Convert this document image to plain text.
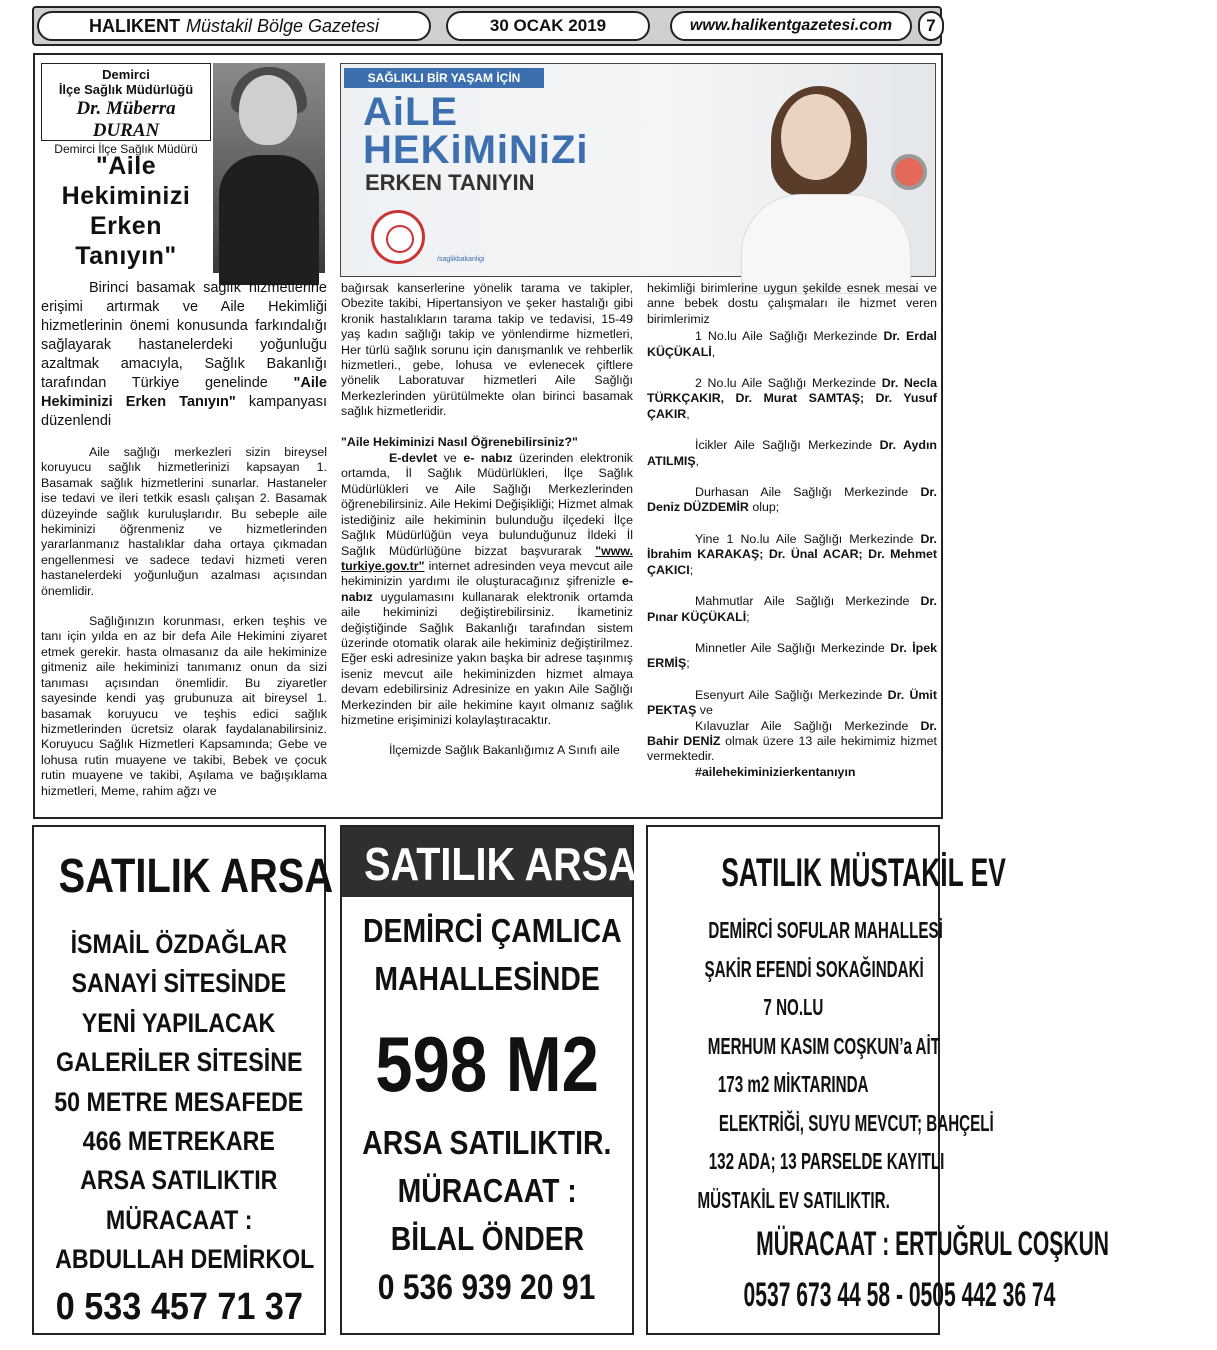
HALIKENT Müstakil Bölge Gazetesi	30 OCAK 2019	www.halikentgazetesi.com	7
Demirci
İlçe Sağlık Müdürlüğü
Dr. Müberra DURAN
Demirci İlçe Sağlık Müdürü
"Aile
Hekiminizi
Erken
Tanıyın"
SAĞLIKLI BİR YAŞAM İÇİN
AiLE
HEKiMiNiZi
ERKEN TANIYIN
/saglikbakanligi
Birinci basamak sağlık hizmetlerine erişimi artırmak ve Aile Hekimliği hizmetlerinin önemi konusunda farkındalığı sağlayarak hastanelerdeki yoğunluğu azaltmak amacıyla, Sağlık Bakanlığı tarafından Türkiye genelinde "Aile Hekiminizi Erken Tanıyın" kampanyası düzenlendi

Aile sağlığı merkezleri sizin bireysel koruyucu sağlık hizmetlerinizi kapsayan 1. Basamak sağlık hizmetlerini sunarlar. Hastaneler ise tedavi ve ileri tetkik esaslı çalışan 2. Basamak düzeyinde sağlık kuruluşlarıdır. Bu sebeple aile hekiminizi öğrenmeniz ve hizmetlerinden yararlanmanız hastalıklar daha ortaya çıkmadan engellenmesi ve sadece tedavi hizmeti veren hastanelerdeki yoğunluğun azalması açısından önemlidir.

Sağlığınızın korunması, erken teşhis ve tanı için yılda en az bir defa Aile Hekimini ziyaret etmek gerekir. hasta olmasanız da aile hekiminize gitmeniz aile hekiminizi tanımanız onun da sizi tanıması açısından önemlidir. Bu ziyaretler sayesinde kendi yaş grubunuza ait bireysel 1. basamak koruyucu ve teşhis edici sağlık hizmetlerinden ücretsiz olarak faydalanabilirsiniz. Koruyucu Sağlık Hizmetleri Kapsamında; Gebe ve lohusa rutin muayene ve takibi, Bebek ve çocuk rutin muayene ve takibi, Aşılama ve bağışıklama hizmetleri, Meme, rahim ağzı ve

bağırsak kanserlerine yönelik tarama ve takipler, Obezite takibi, Hipertansiyon ve şeker hastalığı gibi kronik hastalıkların tarama takip ve tedavisi, 15-49 yaş kadın sağlığı takip ve yönlendirme hizmetleri, Her türlü sağlık sorunu için danışmanlık ve rehberlik hizmetleri., gebe, lohusa ve evlenecek çiftlere yönelik Laboratuvar hizmetleri Aile Sağlığı Merkezlerinden yürütülmekte olan birinci basamak sağlık hizmetleridir.

"Aile Hekiminizi Nasıl Öğrenebilirsiniz?"

E-devlet ve e- nabız üzerinden elektronik ortamda, İl Sağlık Müdürlükleri, İlçe Sağlık Müdürlükleri ve Aile Sağlığı Merkezlerinden öğrenebilirsiniz. Aile Hekimi Değişikliği; Hizmet almak istediğiniz aile hekiminin bulunduğu ilçedeki İlçe Sağlık Müdürlüğün veya bulunduğunuz İldeki İl Sağlık Müdürlüğüne bizzat başvurarak "www. turkiye.gov.tr" internet adresinden veya mevcut aile hekiminizin yardımı ile oluşturacağınız şifrenizle e-nabız uygulamasını kullanarak elektronik ortamda aile hekiminizi değiştirebilirsiniz. İkametiniz değiştiğinde Sağlık Bakanlığı tarafından sistem üzerinde otomatik olarak aile hekiminiz değiştirilmez. Eğer eski adresinize yakın başka bir adrese taşınmış iseniz mevcut aile hekiminizden hizmet almaya devam edebilirsiniz Adresinize en yakın Aile Sağlığı Merkezinden bir aile hekimine kayıt olmanız sağlık hizmetine erişiminizi kolaylaştıracaktır.

İlçemizde Sağlık Bakanlığımız A Sınıfı aile

hekimliği birimlerine uygun şekilde esnek mesai ve anne bebek dostu çalışmaları ile hizmet veren birimlerimiz

1 No.lu Aile Sağlığı Merkezinde Dr. Erdal KÜÇÜKALİ,
2 No.lu Aile Sağlığı Merkezinde Dr. Necla TÜRKÇAKIR, Dr. Murat SAMTAŞ; Dr. Yusuf ÇAKIR,
İcikler Aile Sağlığı Merkezinde Dr. Aydın ATILMIŞ,
Durhasan Aile Sağlığı Merkezinde Dr. Deniz DÜZDEMİR olup;
Yine 1 No.lu Aile Sağlığı Merkezinde Dr. İbrahim KARAKAŞ; Dr. Ünal ACAR; Dr. Mehmet ÇAKICI;
Mahmutlar Aile Sağlığı Merkezinde Dr. Pınar KÜÇÜKALİ;
Minnetler Aile Sağlığı Merkezinde Dr. İpek ERMİŞ;
Esenyurt Aile Sağlığı Merkezinde Dr. Ümit PEKTAŞ ve
Kılavuzlar Aile Sağlığı Merkezinde Dr. Bahir DENİZ olmak üzere 13 aile hekimimiz hizmet vermektedir.
#ailehekiminizierkentanıyın
SATILIK ARSA
İSMAİL ÖZDAĞLAR
SANAYİ SİTESİNDE
YENİ YAPILACAK
GALERİLER SİTESİNE
50 METRE MESAFEDE
466 METREKARE
ARSA SATILIKTIR
MÜRACAAT :
ABDULLAH DEMİRKOL
0 533 457 71 37
SATILIK ARSA
DEMİRCİ ÇAMLICA
MAHALLESİNDE
598 M2
ARSA SATILIKTIR.
MÜRACAAT :
BİLAL ÖNDER
0 536 939 20 91
SATILIK MÜSTAKİL EV
DEMİRCİ SOFULAR MAHALLESİ
ŞAKİR EFENDİ SOKAĞINDAKİ
7 NO.LU
MERHUM KASIM COŞKUN’a AİT
173 m2 MİKTARINDA
ELEKTRİĞİ, SUYU MEVCUT; BAHÇELİ
132 ADA; 13 PARSELDE KAYITLI
MÜSTAKİL EV SATILIKTIR.
MÜRACAAT : ERTUĞRUL COŞKUN
0537 673 44 58 - 0505 442 36 74
